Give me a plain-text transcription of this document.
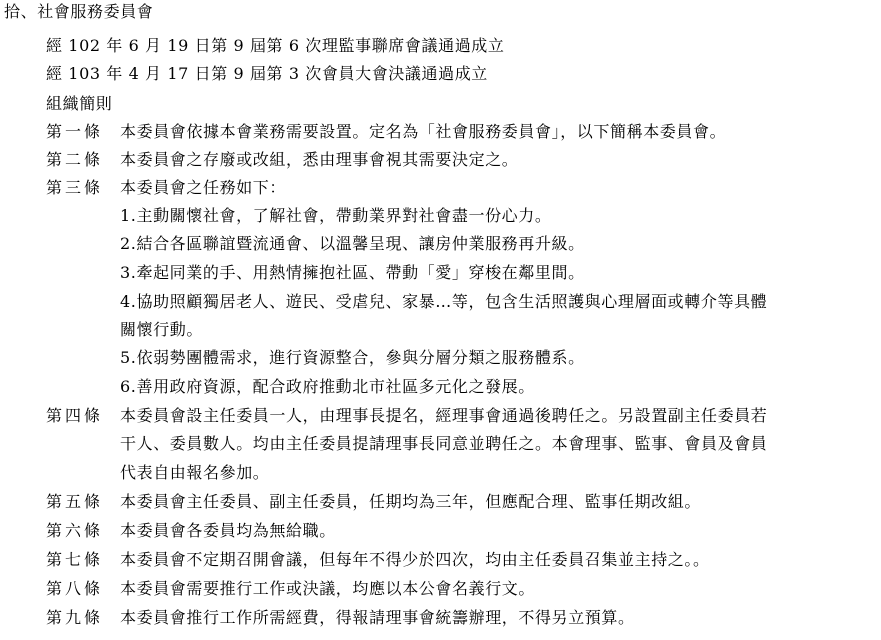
拾、社會服務委員會
經 102 年 6 月 19 日第 9 屆第 6 次理監事聯席會議通過成立
經 103 年 4 月 17 日第 9 屆第 3 次會員大會決議通過成立
組織簡則
第一條 本委員會依據本會業務需要設置。定名為「社會服務委員會」，以下簡稱本委員會。
第二條 本委員會之存廢或改組，悉由理事會視其需要決定之。
第三條 本委員會之任務如下：
1.主動關懷社會，了解社會，帶動業界對社會盡一份心力。
2.結合各區聯誼暨流通會、以溫馨呈現、讓房仲業服務再升級。
3.牽起同業的手、用熱情擁抱社區、帶動「愛」穿梭在鄰里間。
4.協助照顧獨居老人、遊民、受虐兒、家暴…等，包含生活照護與心理層面或轉介等具體
關懷行動。
5.依弱勢團體需求，進行資源整合，參與分層分類之服務體系。
6.善用政府資源，配合政府推動北市社區多元化之發展。
第四條 本委員會設主任委員一人，由理事長提名，經理事會通過後聘任之。另設置副主任委員若
干人、委員數人。均由主任委員提請理事長同意並聘任之。本會理事、監事、會員及會員
代表自由報名參加。
第五條 本委員會主任委員、副主任委員，任期均為三年，但應配合理、監事任期改組。
第六條 本委員會各委員均為無給職。
第七條 本委員會不定期召開會議，但每年不得少於四次，均由主任委員召集並主持之。。
第八條 本委員會需要推行工作或決議，均應以本公會名義行文。
第九條 本委員會推行工作所需經費，得報請理事會統籌辦理，不得另立預算。
